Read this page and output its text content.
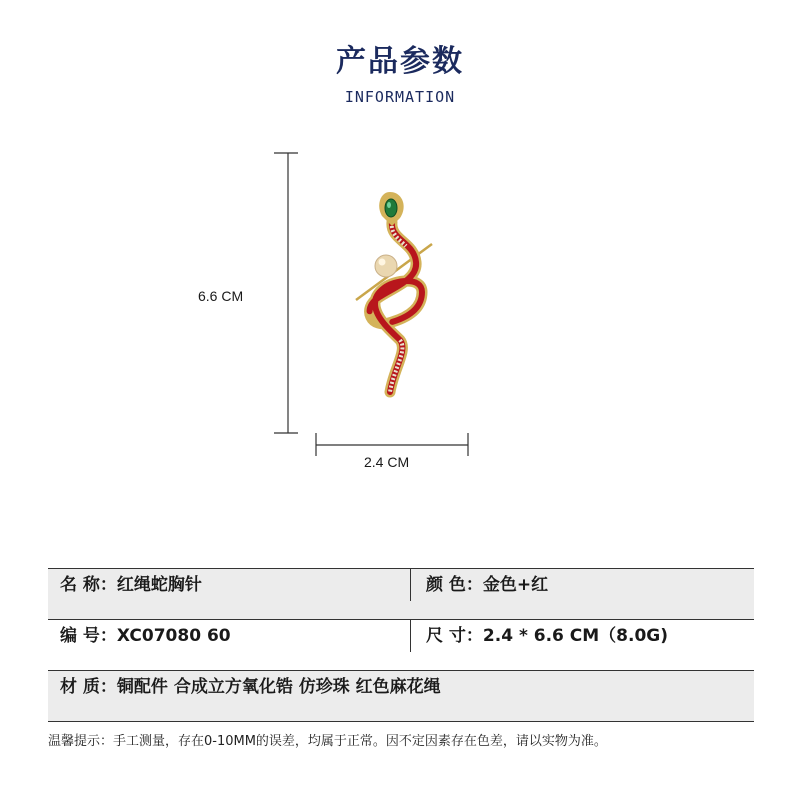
产品参数
INFORMATION
6.6 CM
2.4 CM
名 称：红绳蛇胸针	颜 色：金色+红
编 号：XC07080 60	尺 寸：2.4 * 6.6 CM（8.0G)
材 质：铜配件 合成立方氧化锆 仿珍珠 红色麻花绳
温馨提示：手工测量，存在0-10MM的误差，均属于正常。因不定因素存在色差，请以实物为准。
